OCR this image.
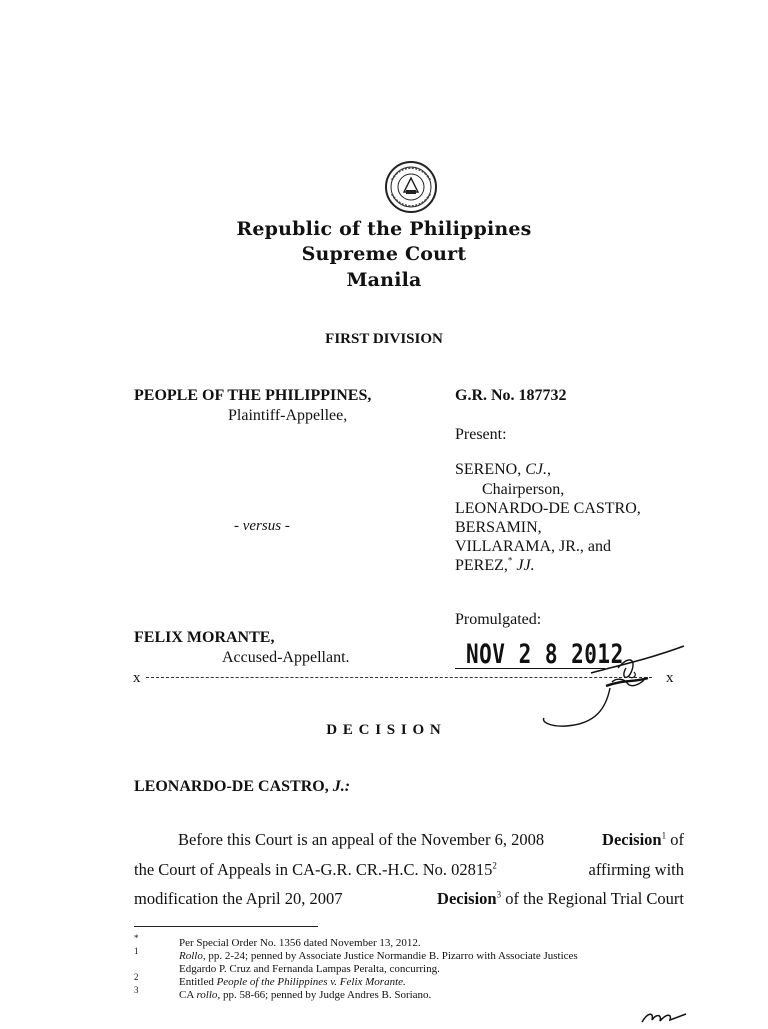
Republic of the Philippines
Supreme Court
Manila
FIRST DIVISION
PEOPLE OF THE PHILIPPINES,
Plaintiff-Appellee,
- versus -
FELIX MORANTE,
Accused-Appellant.
G.R. No. 187732
Present:
SERENO, CJ.,
Chairperson,
LEONARDO-DE CASTRO,
BERSAMIN,
VILLARAMA, JR., and
PEREZ,* JJ.
Promulgated:
NOV 2 8 2012
x	x
D E C I S I O N
LEONARDO-DE CASTRO, J.:
Before this Court is an appeal of the November 6, 2008	Decision$^1$ of
the Court of Appeals in CA-G.R. CR.-H.C. No. 02815$^2$	affirming with
modification the April 20, 2007	Decision$^3$ of the Regional Trial Court
*	Per Special Order No. 1356 dated November 13, 2012.
1	Rollo, pp. 2-24; penned by Associate Justice Normandie B. Pizarro with Associate Justices
Edgardo P. Cruz and Fernanda Lampas Peralta, concurring.
2	Entitled People of the Philippines v. Felix Morante.
3	CA rollo, pp. 58-66; penned by Judge Andres B. Soriano.
